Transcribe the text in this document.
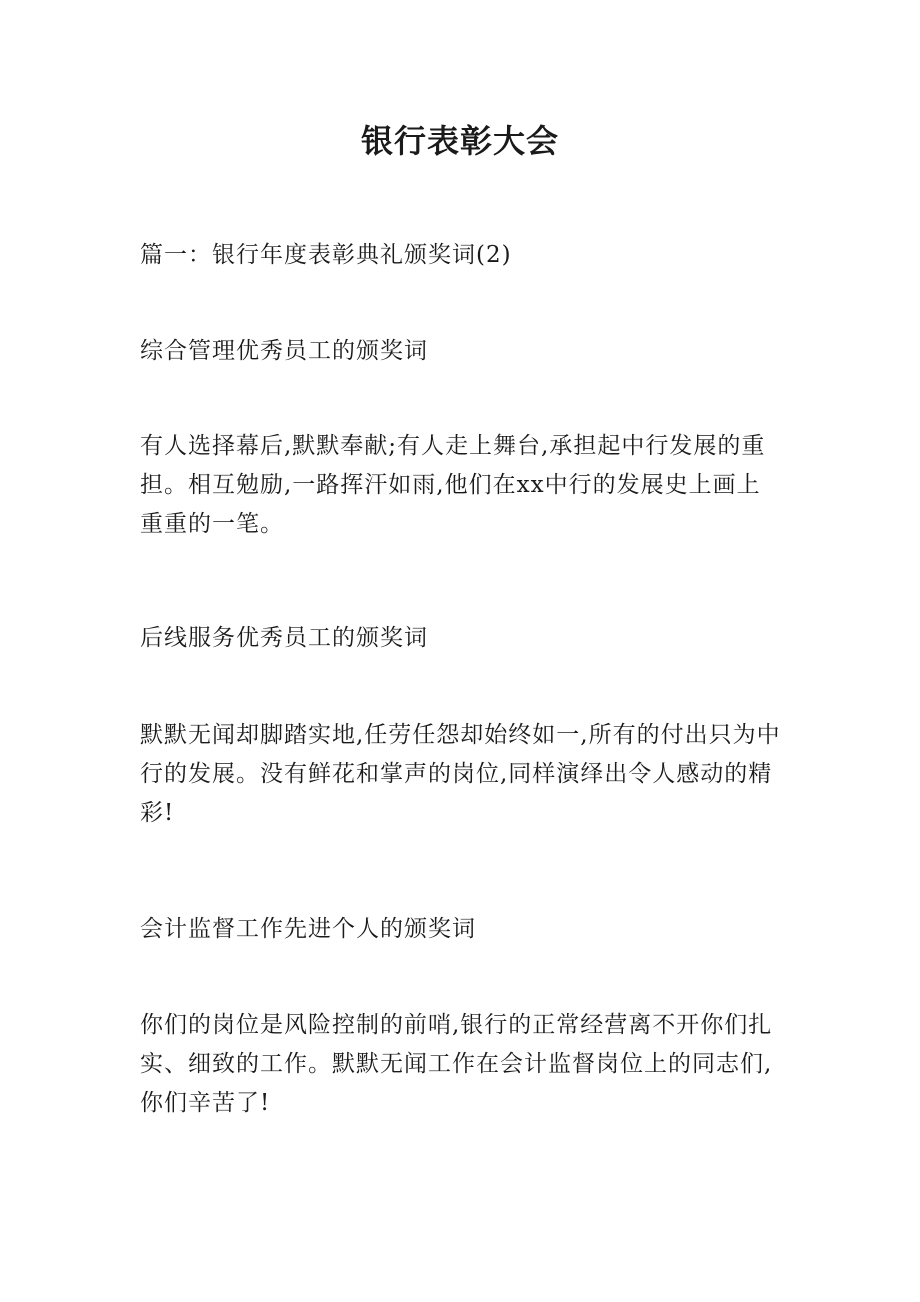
银行表彰大会

篇一：银行年度表彰典礼颁奖词(2)

综合管理优秀员工的颁奖词

有人选择幕后,默默奉献;有人走上舞台,承担起中行发展的重担。相互勉励,一路挥汗如雨,他们在xx中行的发展史上画上重重的一笔。

后线服务优秀员工的颁奖词

默默无闻却脚踏实地,任劳任怨却始终如一,所有的付出只为中行的发展。没有鲜花和掌声的岗位,同样演绎出令人感动的精彩!

会计监督工作先进个人的颁奖词

你们的岗位是风险控制的前哨,银行的正常经营离不开你们扎实、细致的工作。默默无闻工作在会计监督岗位上的同志们,你们辛苦了!
